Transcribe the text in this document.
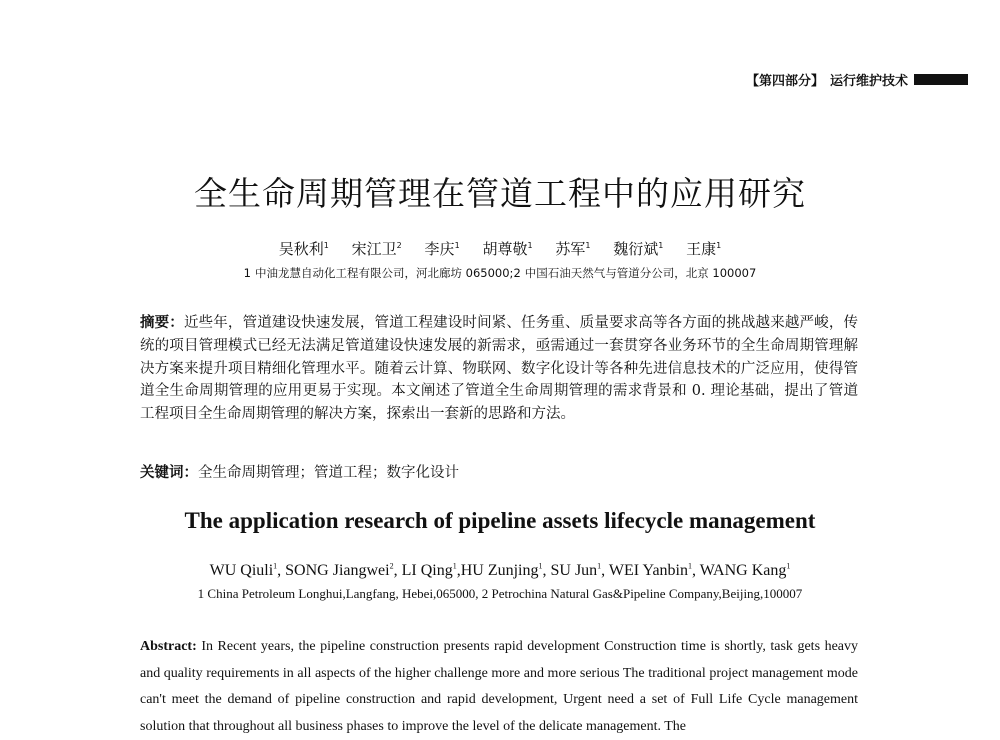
【第四部分】 运行维护技术
全生命周期管理在管道工程中的应用研究
吴秋利$^1$ 宋江卫$^2$ 李庆$^1$ 胡尊敬$^1$ 苏军$^1$ 魏衍斌$^1$ 王康$^1$
1 中油龙慧自动化工程有限公司，河北廊坊 065000;2 中国石油天然气与管道分公司，北京 100007

摘要：近些年，管道建设快速发展，管道工程建设时间紧、任务重、质量要求高等各方面的挑战越来越严峻，传统的项目管理模式已经无法满足管道建设快速发展的新需求，亟需通过一套贯穿各业务环节的全生命周期管理解决方案来提升项目精细化管理水平。随着云计算、物联网、数字化设计等各种先进信息技术的广泛应用，使得管道全生命周期管理的应用更易于实现。本文阐述了管道全生命周期管理的需求背景和 0. 理论基础，提出了管道工程项目全生命周期管理的解决方案，探索出一套新的思路和方法。

关键词：全生命周期管理；管道工程；数字化设计

The application research of pipeline assets lifecycle management
WU Qiuli$^1$, SONG Jiangwei$^2$, LI Qing$^1$,HU Zunjing$^1$, SU Jun$^1$, WEI Yanbin$^1$, WANG Kang$^1$
1 China Petroleum Longhui,Langfang, Hebei,065000, 2 Petrochina Natural Gas&Pipeline Company,Beijing,100007

Abstract: In Recent years, the pipeline construction presents rapid development Construction time is shortly, task gets heavy and quality requirements in all aspects of the higher challenge more and more serious The traditional project management mode can't meet the demand of pipeline construction and rapid development, Urgent need a set of Full Life Cycle management solution that throughout all business phases to improve the level of the delicate management. The
